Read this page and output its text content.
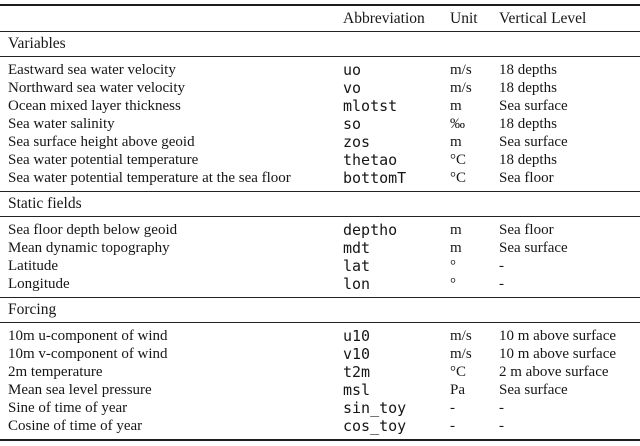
	Abbreviation	Unit	Vertical Level
Variables			
Eastward sea water velocity	uo	m/s	18 depths
Northward sea water velocity	vo	m/s	18 depths
Ocean mixed layer thickness	mlotst	m	Sea surface
Sea water salinity	so	‰	18 depths
Sea surface height above geoid	zos	m	Sea surface
Sea water potential temperature	thetao	°C	18 depths
Sea water potential temperature at the sea floor	bottomT	°C	Sea floor
Static fields			
Sea floor depth below geoid	deptho	m	Sea floor
Mean dynamic topography	mdt	m	Sea surface
Latitude	lat	°	-
Longitude	lon	°	-
Forcing			
10m u-component of wind	u10	m/s	10 m above surface
10m v-component of wind	v10	m/s	10 m above surface
2m temperature	t2m	°C	2 m above surface
Mean sea level pressure	msl	Pa	Sea surface
Sine of time of year	sin_toy	-	-
Cosine of time of year	cos_toy	-	-
